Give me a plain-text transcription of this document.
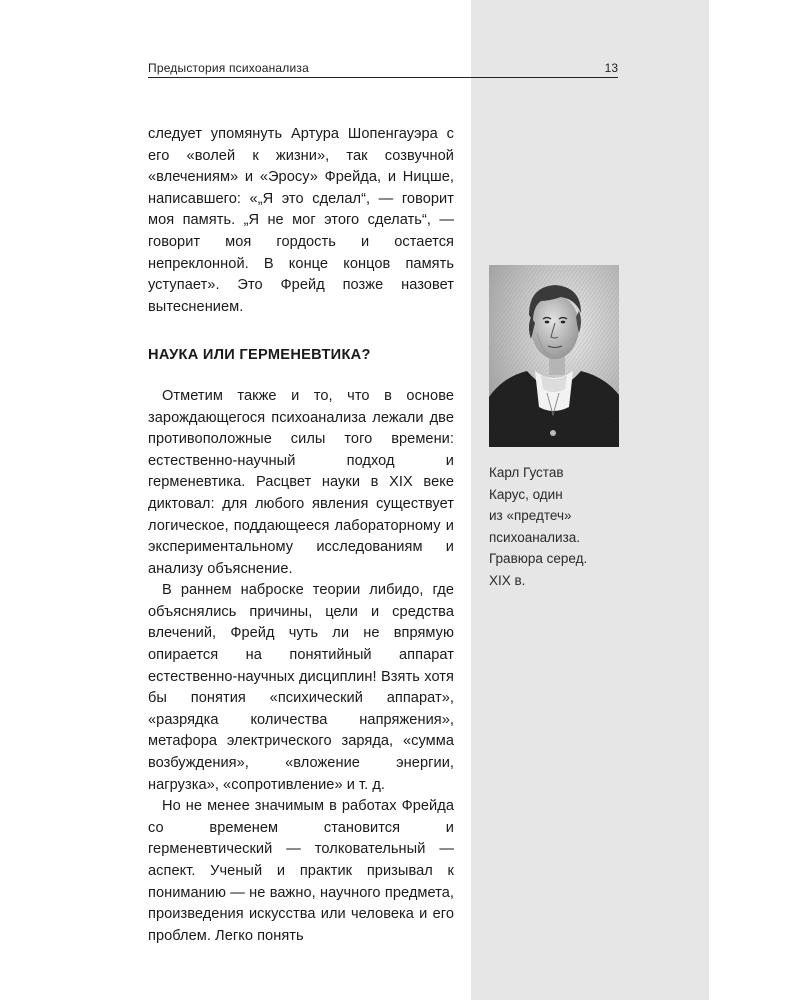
Предыстория психоанализа	13

следует упомянуть Артура Шопенгауэра с его «волей к жизни», так созвучной «влечениям» и «Эросу» Фрейда, и Ницше, написавшего: «„Я это сделал“, — говорит моя память. „Я не мог этого сделать“, — говорит моя гордость и остается непреклонной. В конце концов память уступает». Это Фрейд позже назовет вытеснением.

НАУКА ИЛИ ГЕРМЕНЕВТИКА?

Отметим также и то, что в основе зарождающегося психоанализа лежали две противоположные силы того времени: естественно-научный подход и герменевтика. Расцвет науки в XIX веке диктовал: для любого явления существует логическое, поддающееся лабораторному и экспериментальному исследованиям и анализу объяснение.

В раннем наброске теории либидо, где объяснялись причины, цели и средства влечений, Фрейд чуть ли не впрямую опирается на понятийный аппарат естественно-научных дисциплин! Взять хотя бы понятия «психический аппарат», «разрядка количества напряжения», метафора электрического заряда, «сумма возбуждения», «вложение энергии, нагрузка», «сопротивление» и т. д.

Но не менее значимым в работах Фрейда со временем становится и герменевтический — толковательный — аспект. Ученый и практик призывал к пониманию — не важно, научного предмета, произведения искусства или человека и его проблем. Легко понять

Карл Густав
Карус, один
из «предтеч»
психоанализа.
Гравюра серед.
XIX в.
